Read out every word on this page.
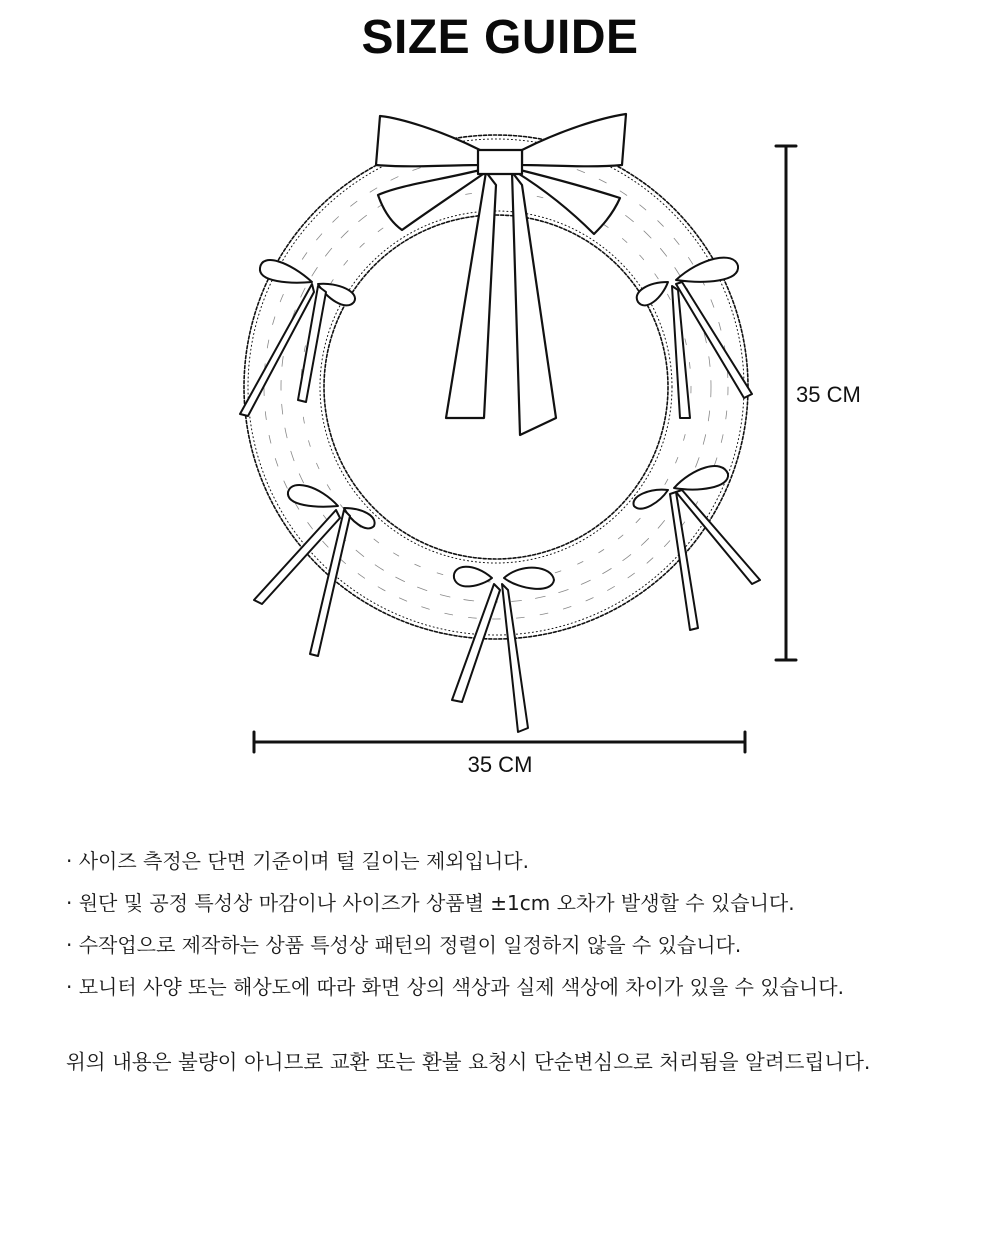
SIZE GUIDE
35 CM
35 CM
· 사이즈 측정은 단면 기준이며 털 길이는 제외입니다.
· 원단 및 공정 특성상 마감이나 사이즈가 상품별 ±1cm 오차가 발생할 수 있습니다.
· 수작업으로 제작하는 상품 특성상 패턴의 정렬이 일정하지 않을 수 있습니다.
· 모니터 사양 또는 해상도에 따라 화면 상의 색상과 실제 색상에 차이가 있을 수 있습니다.
위의 내용은 불량이 아니므로 교환 또는 환불 요청시 단순변심으로 처리됨을 알려드립니다.
